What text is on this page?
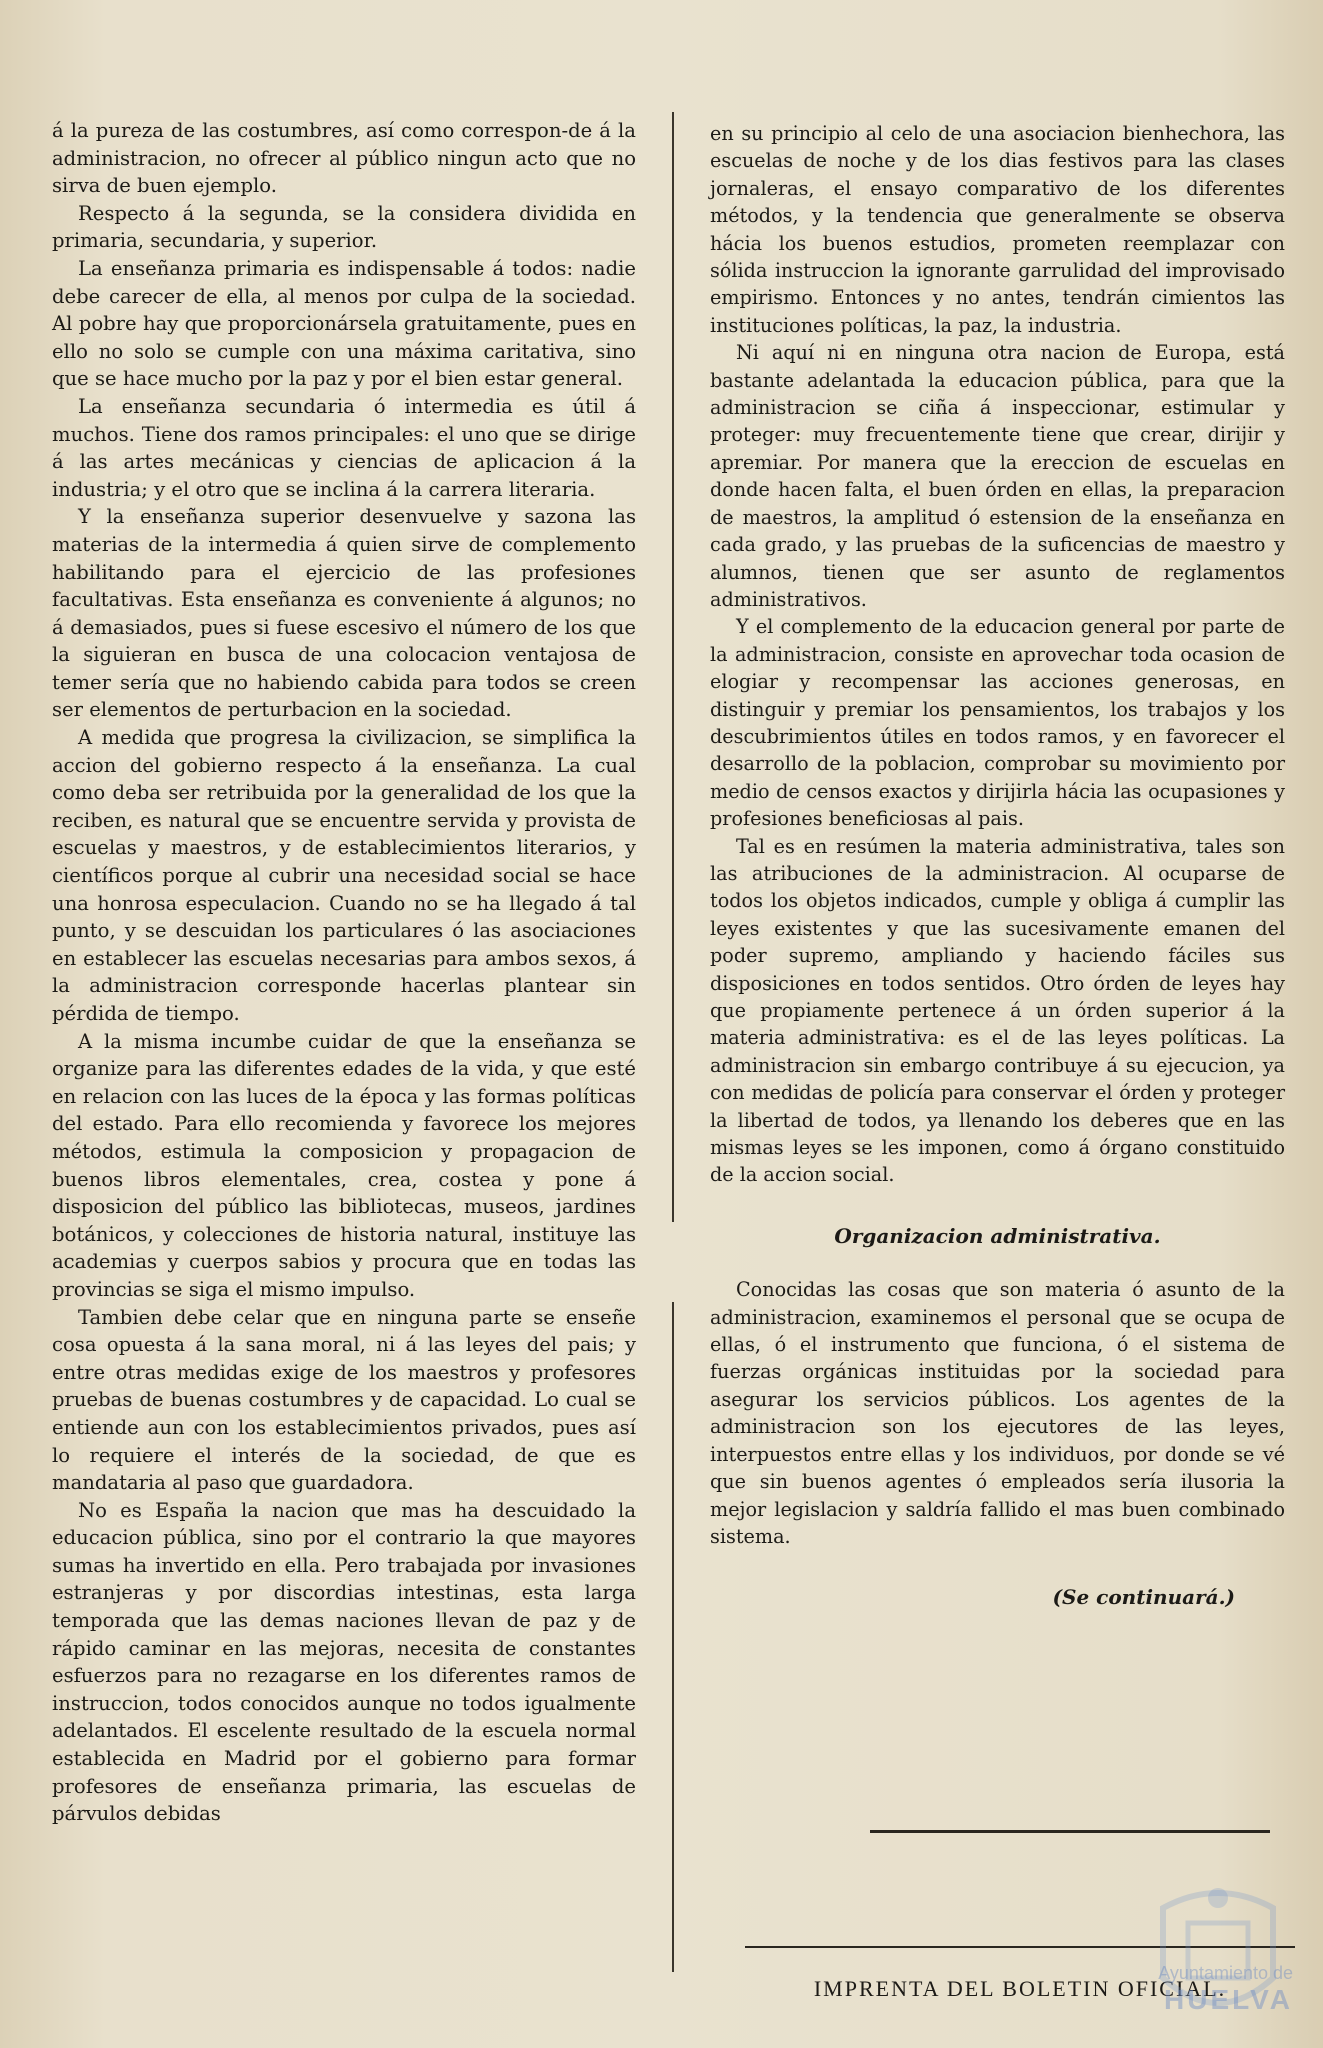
á la pureza de las costumbres, así como correspon-de á la administracion, no ofrecer al público ningun acto que no sirva de buen ejemplo.

Respecto á la segunda, se la considera dividida en primaria, secundaria, y superior.

La enseñanza primaria es indispensable á todos: nadie debe carecer de ella, al menos por culpa de la sociedad. Al pobre hay que proporcionársela gratuitamente, pues en ello no solo se cumple con una máxima caritativa, sino que se hace mucho por la paz y por el bien estar general.

La enseñanza secundaria ó intermedia es útil á muchos. Tiene dos ramos principales: el uno que se dirige á las artes mecánicas y ciencias de aplicacion á la industria; y el otro que se inclina á la carrera literaria.

Y la enseñanza superior desenvuelve y sazona las materias de la intermedia á quien sirve de complemento habilitando para el ejercicio de las profesiones facultativas. Esta enseñanza es conveniente á algunos; no á demasiados, pues si fuese escesivo el número de los que la siguieran en busca de una colocacion ventajosa de temer sería que no habiendo cabida para todos se creen ser elementos de perturbacion en la sociedad.

A medida que progresa la civilizacion, se simplifica la accion del gobierno respecto á la enseñanza. La cual como deba ser retribuida por la generalidad de los que la reciben, es natural que se encuentre servida y provista de escuelas y maestros, y de establecimientos literarios, y científicos porque al cubrir una necesidad social se hace una honrosa especulacion. Cuando no se ha llegado á tal punto, y se descuidan los particulares ó las asociaciones en establecer las escuelas necesarias para ambos sexos, á la administracion corresponde hacerlas plantear sin pérdida de tiempo.

A la misma incumbe cuidar de que la enseñanza se organize para las diferentes edades de la vida, y que esté en relacion con las luces de la época y las formas políticas del estado. Para ello recomienda y favorece los mejores métodos, estimula la composicion y propagacion de buenos libros elementales, crea, costea y pone á disposicion del público las bibliotecas, museos, jardines botánicos, y colecciones de historia natural, instituye las academias y cuerpos sabios y procura que en todas las provincias se siga el mismo impulso.

Tambien debe celar que en ninguna parte se enseñe cosa opuesta á la sana moral, ni á las leyes del pais; y entre otras medidas exige de los maestros y profesores pruebas de buenas costumbres y de capacidad. Lo cual se entiende aun con los establecimientos privados, pues así lo requiere el interés de la sociedad, de que es mandataria al paso que guardadora.

No es España la nacion que mas ha descuidado la educacion pública, sino por el contrario la que mayores sumas ha invertido en ella. Pero trabajada por invasiones estranjeras y por discordias intestinas, esta larga temporada que las demas naciones llevan de paz y de rápido caminar en las mejoras, necesita de constantes esfuerzos para no rezagarse en los diferentes ramos de instruccion, todos conocidos aunque no todos igualmente adelantados. El escelente resultado de la escuela normal establecida en Madrid por el gobierno para formar profesores de enseñanza primaria, las escuelas de párvulos debidas

en su principio al celo de una asociacion bienhechora, las escuelas de noche y de los dias festivos para las clases jornaleras, el ensayo comparativo de los diferentes métodos, y la tendencia que generalmente se observa hácia los buenos estudios, prometen reemplazar con sólida instruccion la ignorante garrulidad del improvisado empirismo. Entonces y no antes, tendrán cimientos las instituciones políticas, la paz, la industria.

Ni aquí ni en ninguna otra nacion de Europa, está bastante adelantada la educacion pública, para que la administracion se ciña á inspeccionar, estimular y proteger: muy frecuentemente tiene que crear, dirijir y apremiar. Por manera que la ereccion de escuelas en donde hacen falta, el buen órden en ellas, la preparacion de maestros, la amplitud ó estension de la enseñanza en cada grado, y las pruebas de la suficencias de maestro y alumnos, tienen que ser asunto de reglamentos administrativos.

Y el complemento de la educacion general por parte de la administracion, consiste en aprovechar toda ocasion de elogiar y recompensar las acciones generosas, en distinguir y premiar los pensamientos, los trabajos y los descubrimientos útiles en todos ramos, y en favorecer el desarrollo de la poblacion, comprobar su movimiento por medio de censos exactos y dirijirla hácia las ocupasiones y profesiones beneficiosas al pais.

Tal es en resúmen la materia administrativa, tales son las atribuciones de la administracion. Al ocuparse de todos los objetos indicados, cumple y obliga á cumplir las leyes existentes y que las sucesivamente emanen del poder supremo, ampliando y haciendo fáciles sus disposiciones en todos sentidos. Otro órden de leyes hay que propiamente pertenece á un órden superior á la materia administrativa: es el de las leyes políticas. La administracion sin embargo contribuye á su ejecucion, ya con medidas de policía para conservar el órden y proteger la libertad de todos, ya llenando los deberes que en las mismas leyes se les imponen, como á órgano constituido de la accion social.

Organizacion administrativa.

Conocidas las cosas que son materia ó asunto de la administracion, examinemos el personal que se ocupa de ellas, ó el instrumento que funciona, ó el sistema de fuerzas orgánicas instituidas por la sociedad para asegurar los servicios públicos. Los agentes de la administracion son los ejecutores de las leyes, interpuestos entre ellas y los individuos, por donde se vé que sin buenos agentes ó empleados sería ilusoria la mejor legislacion y saldría fallido el mas buen combinado sistema.

(Se continuará.)
IMPRENTA DEL BOLETIN OFICIAL.
Ayuntamiento de
HUELVA
